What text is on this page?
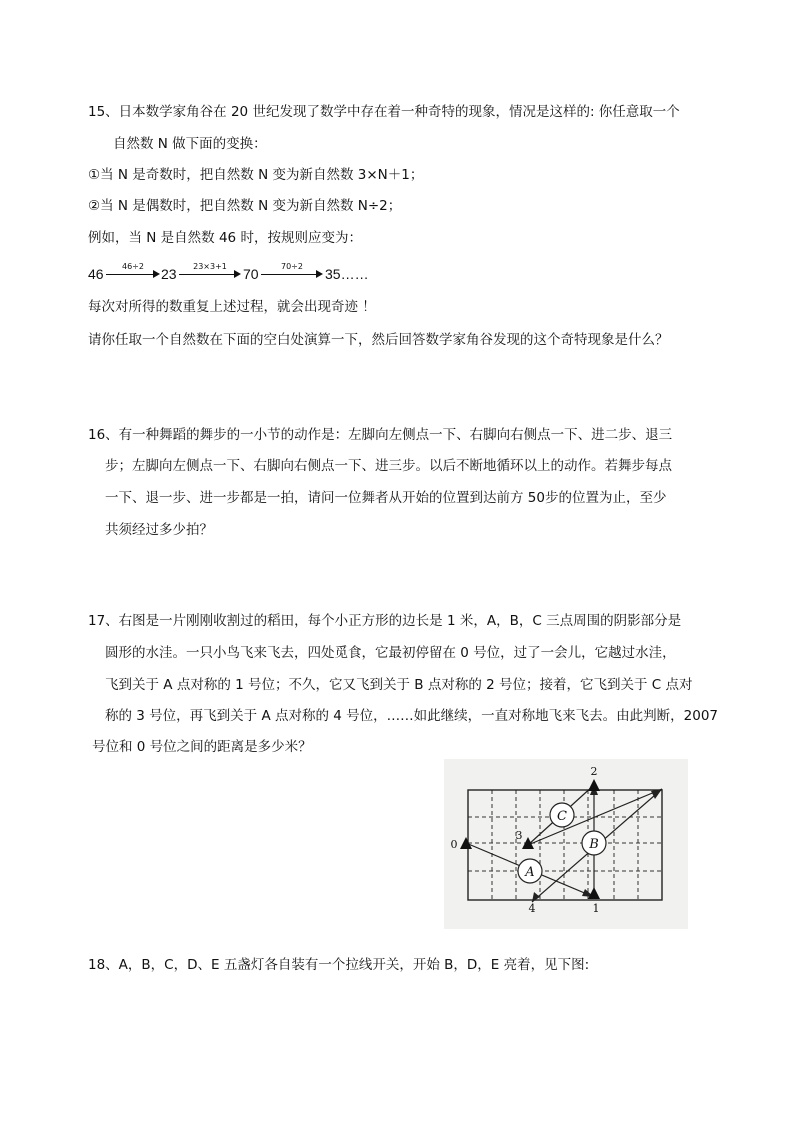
15、日本数学家角谷在 20 世纪发现了数学中存在着一种奇特的现象，情况是这样的: 你任意取一个
自然数 N 做下面的变换：
①当 N 是奇数时，把自然数 N 变为新自然数 3×N＋1；
②当 N 是偶数时，把自然数 N 变为新自然数 N÷2；
例如，当 N 是自然数 46 时，按规则应变为：
46	46÷2	23	23×3+1	70	70÷2	35……
每次对所得的数重复上述过程，就会出现奇迹 ！
请你任取一个自然数在下面的空白处演算一下，然后回答数学家角谷发现的这个奇特现象是什么？
16、有一种舞蹈的舞步的一小节的动作是：左脚向左侧点一下、右脚向右侧点一下、进二步、退三
步；左脚向左侧点一下、右脚向右侧点一下、进三步。以后不断地循环以上的动作。若舞步每点
一下、退一步、进一步都是一拍，请问一位舞者从开始的位置到达前方 50步的位置为止，至少
共须经过多少拍？
17、右图是一片刚刚收割过的稻田，每个小正方形的边长是 1 米，A，B，C 三点周围的阴影部分是
圆形的水洼。一只小鸟飞来飞去，四处觅食，它最初停留在 0 号位，过了一会儿，它越过水洼，
飞到关于 A 点对称的 1 号位；不久，它又飞到关于 B 点对称的 2 号位；接着，它飞到关于 C 点对
称的 3 号位，再飞到关于 A 点对称的 4 号位，……如此继续，一直对称地飞来飞去。由此判断，2007
号位和 0 号位之间的距离是多少米？
A
B
C
0
2
1
3
4
18、A，B，C，D、E 五盏灯各自装有一个拉线开关，开始 B，D，E 亮着，见下图:
